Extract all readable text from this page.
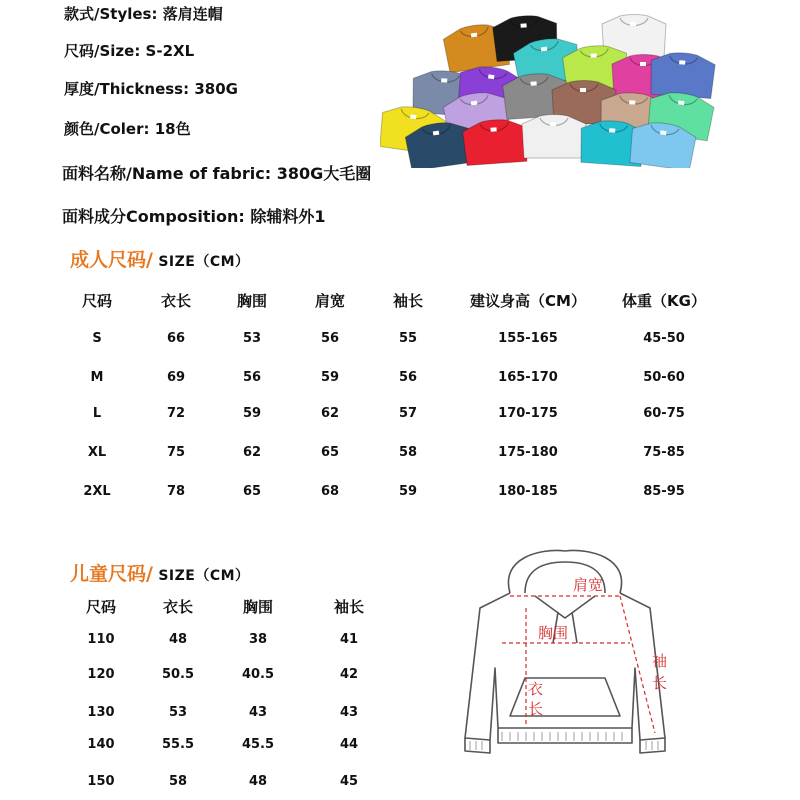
款式/Styles: 落肩连帽
尺码/Size: S-2XL
厚度/Thickness: 380G
颜色/Coler: 18色
面料名称/Name of fabric: 380G大毛圈
面料成分Composition: 除辅料外1
成人尺码/ SIZE（CM）
尺码	衣长	胸围	肩宽	袖长	建议身高（CM） 体重（KG）
S	66	53	56	55	155-165	45-50
M	69	56	59	56	165-170	50-60
L	72	59	62	57	170-175	60-75
XL	75	62	65	58	175-180	75-85
2XL	78	65	68	59	180-185	85-95
儿童尺码/ SIZE（CM）
尺码	衣长	胸围	袖长
110	48	38	41
120	50.5	40.5	42
130	53	43	43
140	55.5	45.5	44
150	58	48	45
肩宽
胸围
袖
长
衣
长
